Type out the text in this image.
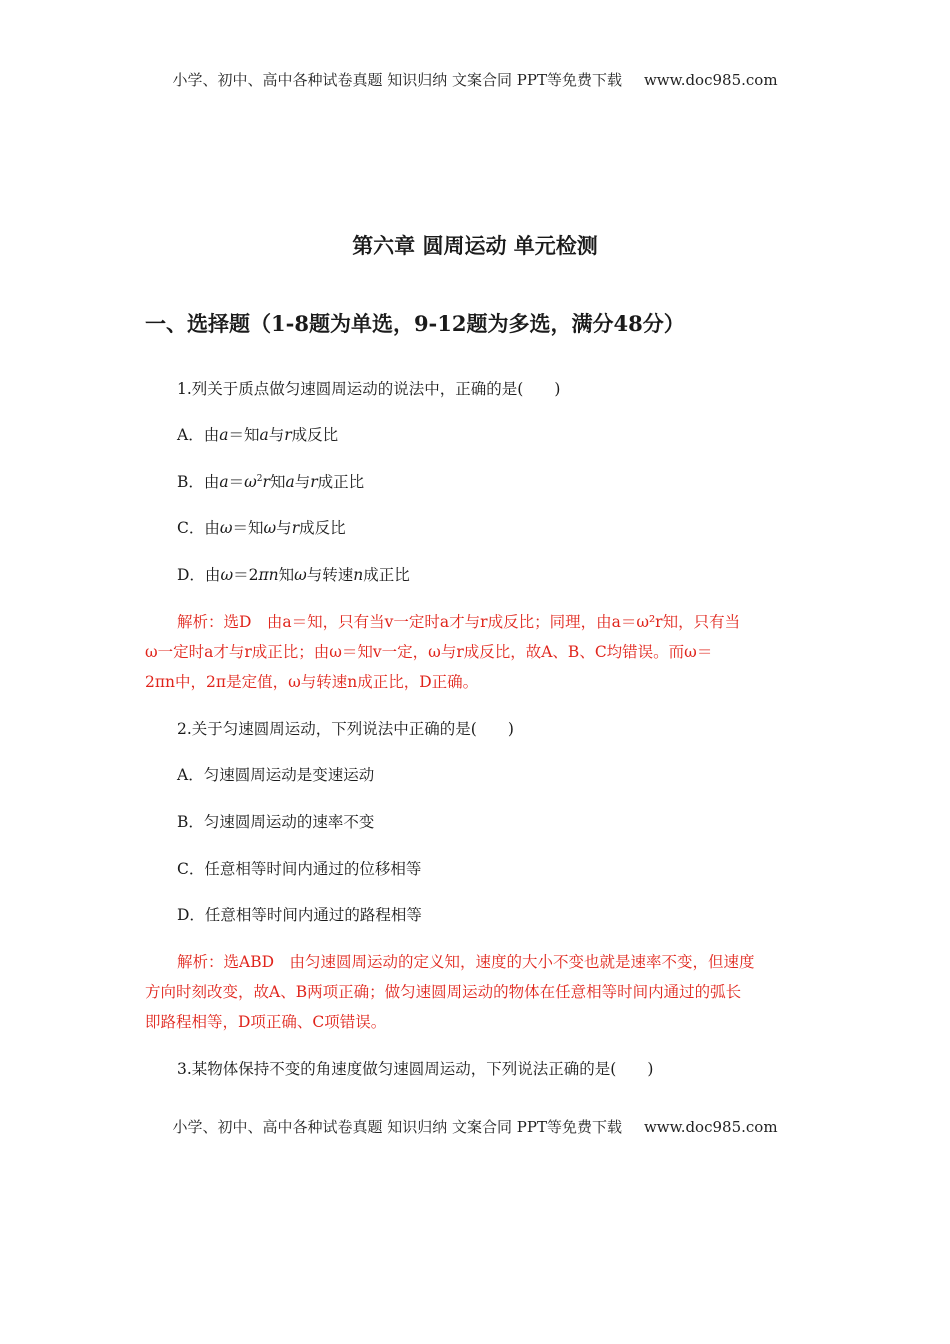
小学、初中、高中各种试卷真题 知识归纳 文案合同 PPT等免费下载 www.doc985.com
第六章 圆周运动 单元检测
一、选择题（1-8题为单选，9-12题为多选，满分48分）
1.列关于质点做匀速圆周运动的说法中，正确的是(　　)
A．由a＝知a与r成反比
B．由$a=\omega^2r$知a与r成正比
C．由ω＝知ω与r成反比
D．由ω＝2πn知ω与转速n成正比
解析：选D　由a＝知，只有当v一定时a才与r成反比；同理，由a＝ω²r知，只有当
ω一定时a才与r成正比；由ω＝知v一定，ω与r成反比，故A、B、C均错误。而ω＝
2πn中，2π是定值，ω与转速n成正比，D正确。
2.关于匀速圆周运动，下列说法中正确的是(　　)
A．匀速圆周运动是变速运动
B．匀速圆周运动的速率不变
C．任意相等时间内通过的位移相等
D．任意相等时间内通过的路程相等
解析：选ABD　由匀速圆周运动的定义知，速度的大小不变也就是速率不变，但速度
方向时刻改变，故A、B两项正确；做匀速圆周运动的物体在任意相等时间内通过的弧长
即路程相等，D项正确、C项错误。
3.某物体保持不变的角速度做匀速圆周运动，下列说法正确的是(　　)
小学、初中、高中各种试卷真题 知识归纳 文案合同 PPT等免费下载 www.doc985.com
